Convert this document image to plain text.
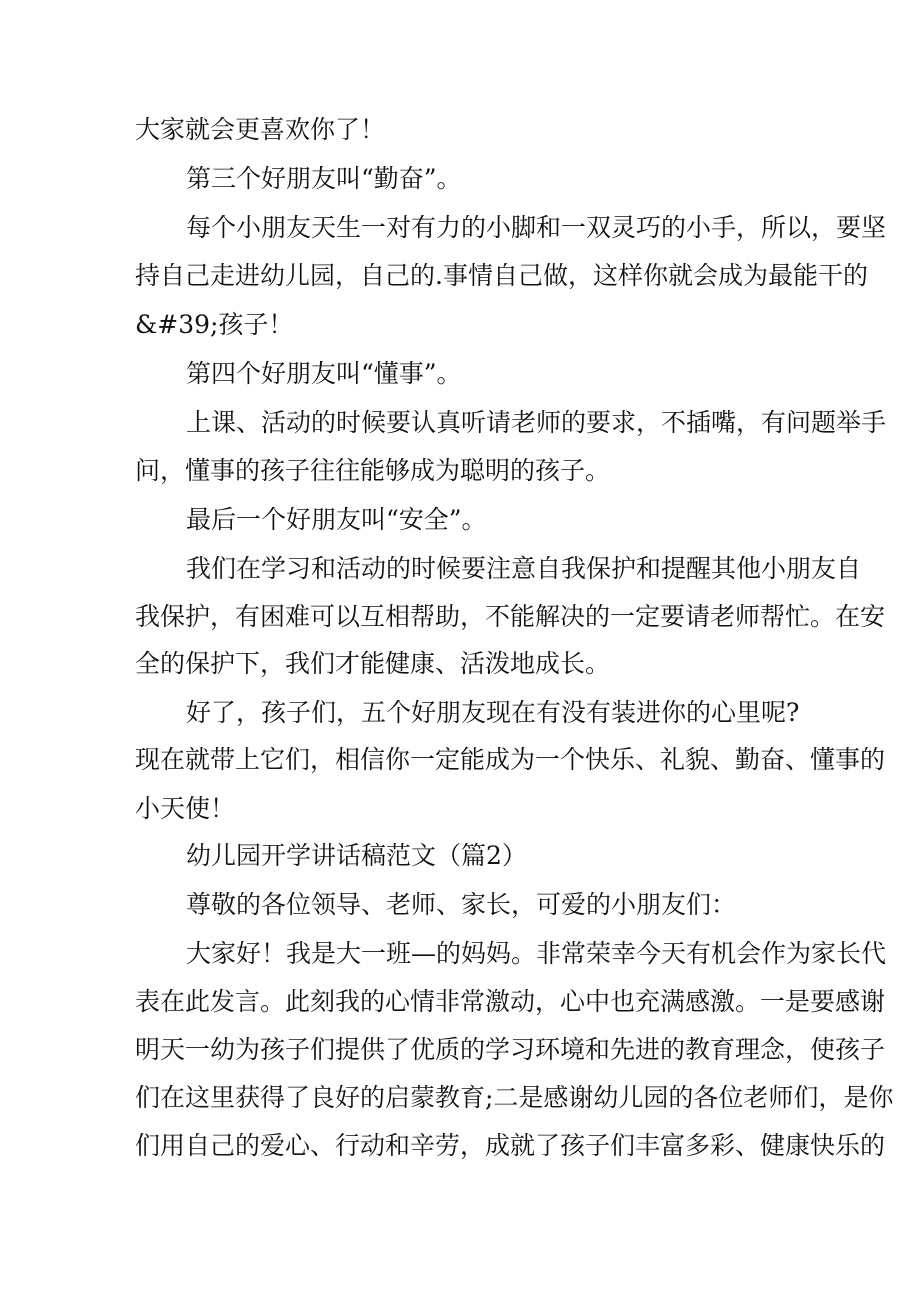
大家就会更喜欢你了！
第三个好朋友叫“勤奋”。
每个小朋友天生一对有力的小脚和一双灵巧的小手，所以，要坚
持自己走进幼儿园，自己的.事情自己做，这样你就会成为最能干的
&#39;孩子！
第四个好朋友叫“懂事”。
上课、活动的时候要认真听请老师的要求，不插嘴，有问题举手
问，懂事的孩子往往能够成为聪明的孩子。
最后一个好朋友叫“安全”。
我们在学习和活动的时候要注意自我保护和提醒其他小朋友自
我保护，有困难可以互相帮助，不能解决的一定要请老师帮忙。在安
全的保护下，我们才能健康、活泼地成长。
好了，孩子们，五个好朋友现在有没有装进你的心里呢?
现在就带上它们，相信你一定能成为一个快乐、礼貌、勤奋、懂事的
小天使！
幼儿园开学讲话稿范文（篇2）
尊敬的各位领导、老师、家长，可爱的小朋友们：
大家好！我是大一班—的妈妈。非常荣幸今天有机会作为家长代
表在此发言。此刻我的心情非常激动，心中也充满感激。一是要感谢
明天一幼为孩子们提供了优质的学习环境和先进的教育理念，使孩子
们在这里获得了良好的启蒙教育;二是感谢幼儿园的各位老师们，是你
们用自己的爱心、行动和辛劳，成就了孩子们丰富多彩、健康快乐的
